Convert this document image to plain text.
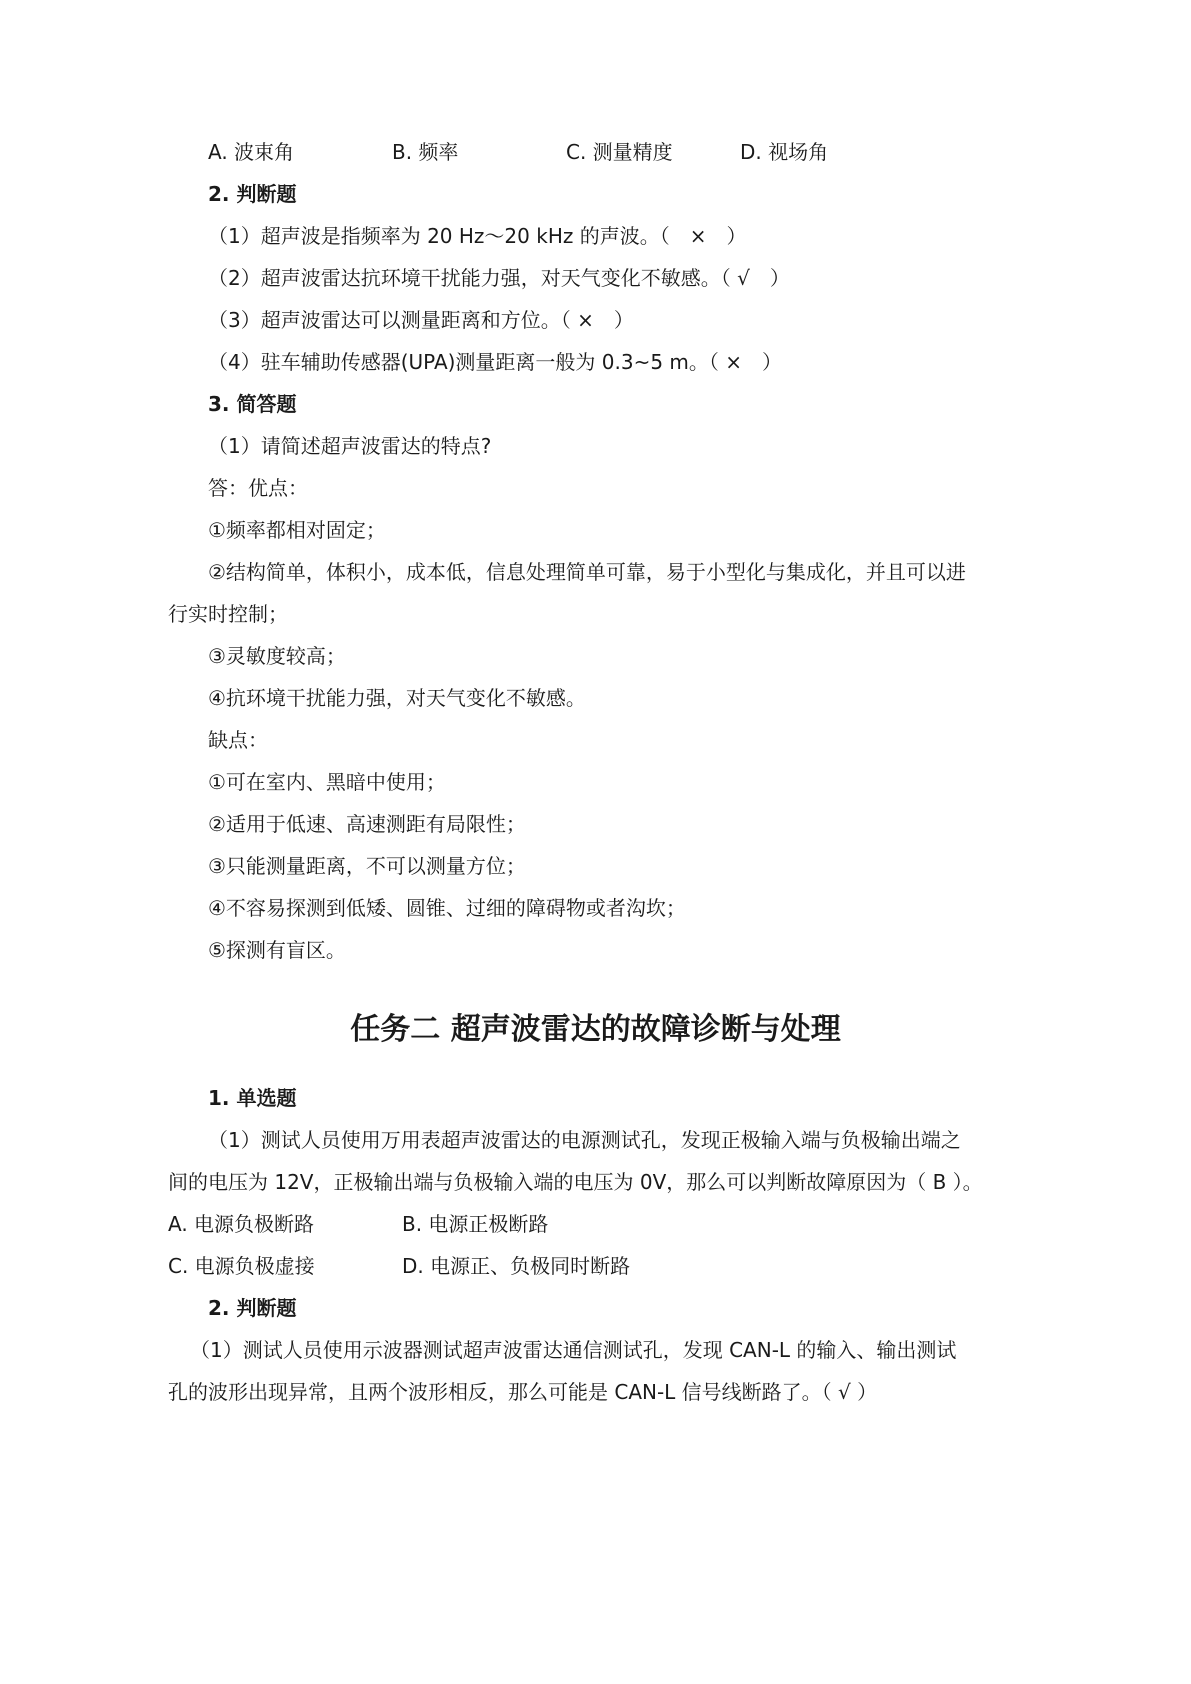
A. 波束角	B. 频率	C. 测量精度	D. 视场角
2. 判断题
（1）超声波是指频率为 20 Hz～20 kHz 的声波。（　×　）
（2）超声波雷达抗环境干扰能力强，对天气变化不敏感。（ √　）
（3）超声波雷达可以测量距离和方位。（ ×　）
（4）驻车辅助传感器(UPA)测量距离一般为 0.3~5 m。（ ×　）
3. 简答题
（1）请简述超声波雷达的特点?
答：优点：
①频率都相对固定；
②结构简单，体积小，成本低，信息处理简单可靠，易于小型化与集成化，并且可以进
行实时控制；
③灵敏度较高；
④抗环境干扰能力强，对天气变化不敏感。
缺点：
①可在室内、黑暗中使用；
②适用于低速、高速测距有局限性；
③只能测量距离，不可以测量方位；
④不容易探测到低矮、圆锥、过细的障碍物或者沟坎；
⑤探测有盲区。
任务二 超声波雷达的故障诊断与处理
1. 单选题
（1）测试人员使用万用表超声波雷达的电源测试孔，发现正极输入端与负极输出端之
间的电压为 12V，正极输出端与负极输入端的电压为 0V，那么可以判断故障原因为（ B ）。
A. 电源负极断路	B. 电源正极断路
C. 电源负极虚接	D. 电源正、负极同时断路
2. 判断题
（1）测试人员使用示波器测试超声波雷达通信测试孔，发现 CAN-L 的输入、输出测试
孔的波形出现异常，且两个波形相反，那么可能是 CAN-L 信号线断路了。（ √ ）
